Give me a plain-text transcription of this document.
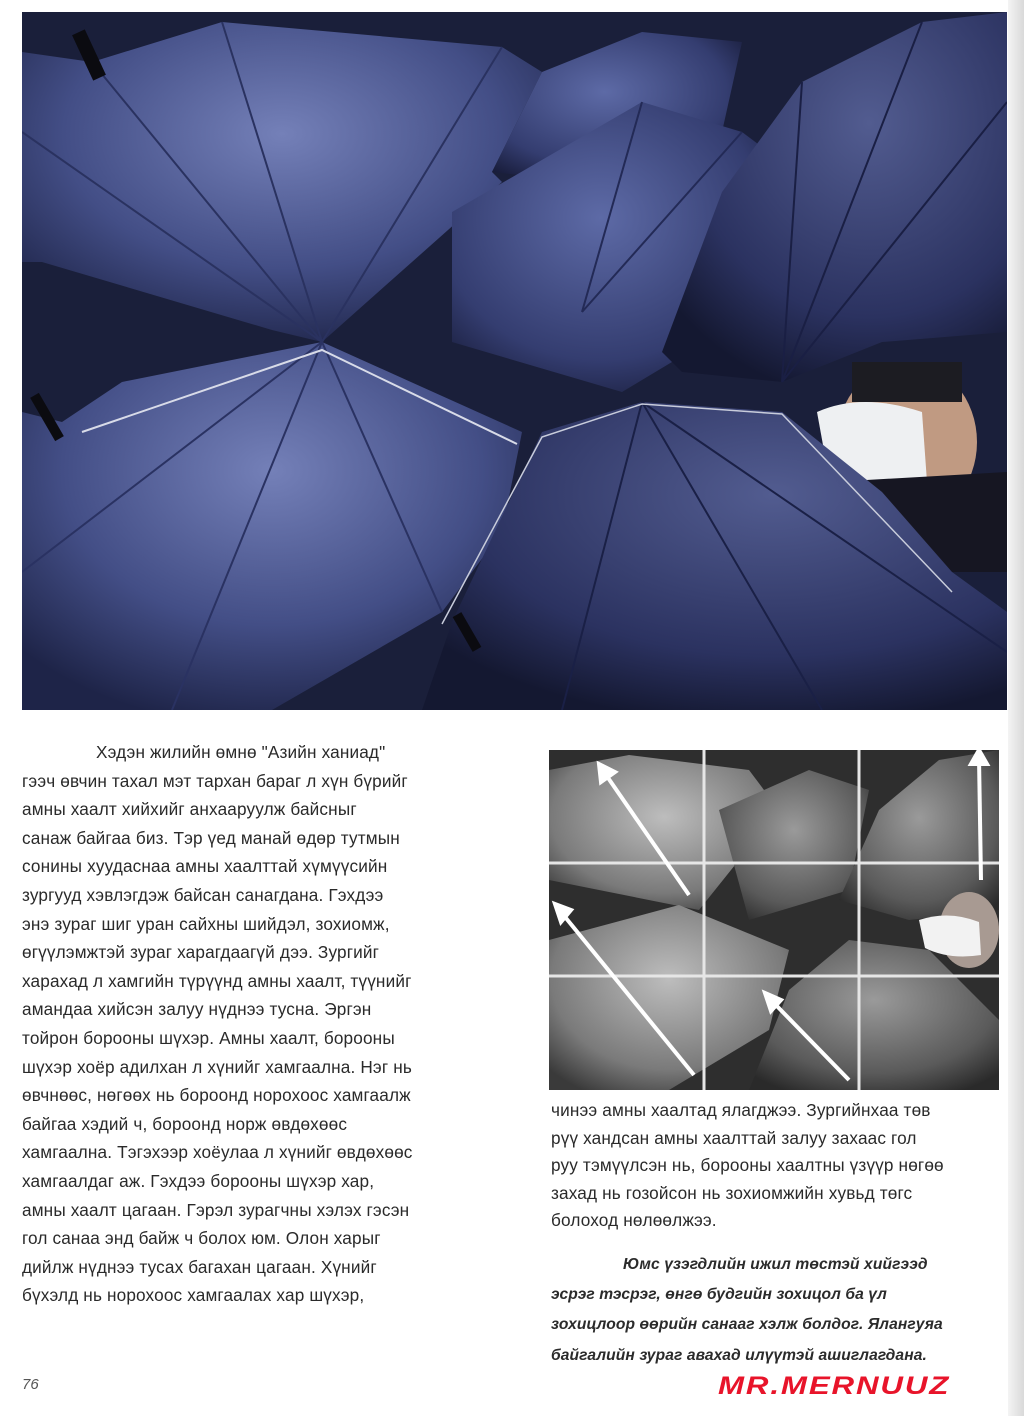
Хэдэн жилийн өмнө "Азийн ханиад"
гээч өвчин тахал мэт тархан бараг л хүн бүрийг
амны хаалт хийхийг анхааруулж байсныг
санаж байгаа биз. Тэр үед манай өдөр тутмын
сонины хуудаснаа амны хаалттай хүмүүсийн
зургууд хэвлэгдэж байсан санагдана. Гэхдээ
энэ зураг шиг уран сайхны шийдэл, зохиомж,
өгүүлэмжтэй зураг харагдаагүй дээ. Зургийг
харахад л хамгийн түрүүнд амны хаалт, түүнийг
амандаа хийсэн залуу нүднээ тусна. Эргэн
тойрон борооны шүхэр. Амны хаалт, борооны
шүхэр хоёр адилхан л хүнийг хамгаална. Нэг нь
өвчнөөс, нөгөөх нь бороонд норохоос хамгаалж
байгаа хэдий ч, бороонд норж өвдөхөөс
хамгаална. Тэгэхээр хоёулаа л хүнийг өвдөхөөс
хамгаалдаг аж. Гэхдээ борооны шүхэр хар,
амны хаалт цагаан. Гэрэл зурагчны хэлэх гэсэн
гол санаа энд байж ч болох юм. Олон харыг
дийлж нүднээ тусах багахан цагаан. Хүнийг
бүхэлд нь норохоос хамгаалах хар шүхэр,
чинээ амны хаалтад ялагджээ. Зургийнхаа төв
рүү хандсан амны хаалттай залуу захаас гол
руу тэмүүлсэн нь, борооны хаалтны үзүүр нөгөө
захад нь гозойсон нь зохиомжийн хувьд төгс
болоход нөлөөлжээ.
Юмс үзэгдлийн ижил төстэй хийгээд
эсрэг тэсрэг, өнгө будгийн зохицол ба үл
зохицлоор өөрийн санааг хэлж болдог. Ялангуяа
байгалийн зураг авахад илүүтэй ашиглагдана.
76	MR.MERNUUZ
